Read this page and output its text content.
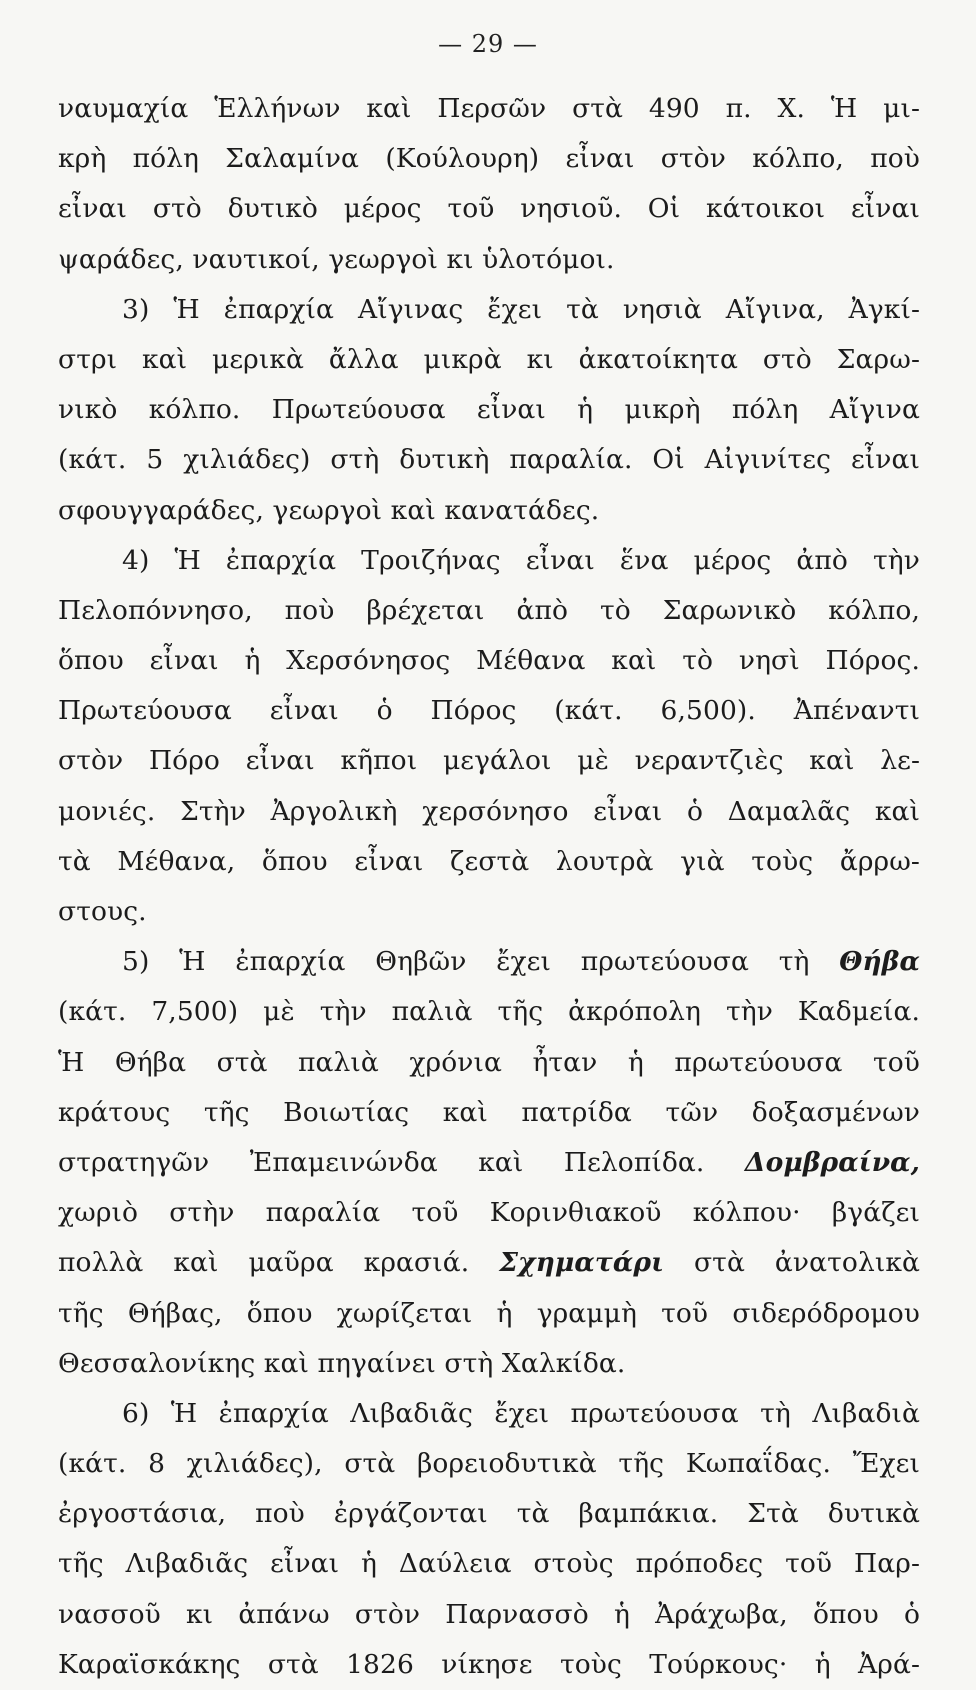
— 29 —
ναυμαχία Ἑλλήνων καὶ Περσῶν στὰ 490 π. Χ. Ἡ μι-
κρὴ πόλη Σαλαμίνα (Κούλουρη) εἶναι στὸν κόλπο, ποὺ
εἶναι στὸ δυτικὸ μέρος τοῦ νησιοῦ. Οἱ κάτοικοι εἶναι
ψαράδες, ναυτικοί, γεωργοὶ κι ὑλοτόμοι.
3) Ἡ ἐπαρχία Αἴγινας ἔχει τὰ νησιὰ Αἴγινα, Ἀγκί-
στρι καὶ μερικὰ ἄλλα μικρὰ κι ἀκατοίκητα στὸ Σαρω-
νικὸ κόλπο. Πρωτεύουσα εἶναι ἡ μικρὴ πόλη Αἴγινα
(κάτ. 5 χιλιάδες) στὴ δυτικὴ παραλία. Οἱ Αἰγινίτες εἶναι
σφουγγαράδες, γεωργοὶ καὶ κανατάδες.
4) Ἡ ἐπαρχία Τροιζήνας εἶναι ἕνα μέρος ἀπὸ τὴν
Πελοπόννησο, ποὺ βρέχεται ἀπὸ τὸ Σαρωνικὸ κόλπο,
ὅπου εἶναι ἡ Χερσόνησος Μέθανα καὶ τὸ νησὶ Πόρος.
Πρωτεύουσα εἶναι ὁ Πόρος (κάτ. 6,500). Ἀπέναντι
στὸν Πόρο εἶναι κῆποι μεγάλοι μὲ νεραντζιὲς καὶ λε-
μονιές. Στὴν Ἀργολικὴ χερσόνησο εἶναι ὁ Δαμαλᾶς καὶ
τὰ Μέθανα, ὅπου εἶναι ζεστὰ λουτρὰ γιὰ τοὺς ἄρρω-
στους.
5) Ἡ ἐπαρχία Θηβῶν ἔχει πρωτεύουσα τὴ Θήβα
(κάτ. 7,500) μὲ τὴν παλιὰ τῆς ἀκρόπολη τὴν Καδμεία.
Ἡ Θήβα στὰ παλιὰ χρόνια ἦταν ἡ πρωτεύουσα τοῦ
κράτους τῆς Βοιωτίας καὶ πατρίδα τῶν δοξασμένων
στρατηγῶν Ἐπαμεινώνδα καὶ Πελοπίδα. Δομβραίνα,
χωριὸ στὴν παραλία τοῦ Κορινθιακοῦ κόλπου· βγάζει
πολλὰ καὶ μαῦρα κρασιά. Σχηματάρι στὰ ἀνατολικὰ
τῆς Θήβας, ὅπου χωρίζεται ἡ γραμμὴ τοῦ σιδερόδρομου
Θεσσαλονίκης καὶ πηγαίνει στὴ Χαλκίδα.
6) Ἡ ἐπαρχία Λιβαδιᾶς ἔχει πρωτεύουσα τὴ Λιβαδιὰ
(κάτ. 8 χιλιάδες), στὰ βορειοδυτικὰ τῆς Κωπαΐδας. Ἔχει
ἐργοστάσια, ποὺ ἐργάζονται τὰ βαμπάκια. Στὰ δυτικὰ
τῆς Λιβαδιᾶς εἶναι ἡ Δαύλεια στοὺς πρόποδες τοῦ Παρ-
νασσοῦ κι ἀπάνω στὸν Παρνασσὸ ἡ Ἀράχωβα, ὅπου ὁ
Καραϊσκάκης στὰ 1826 νίκησε τοὺς Τούρκους· ἡ Ἀρά-
